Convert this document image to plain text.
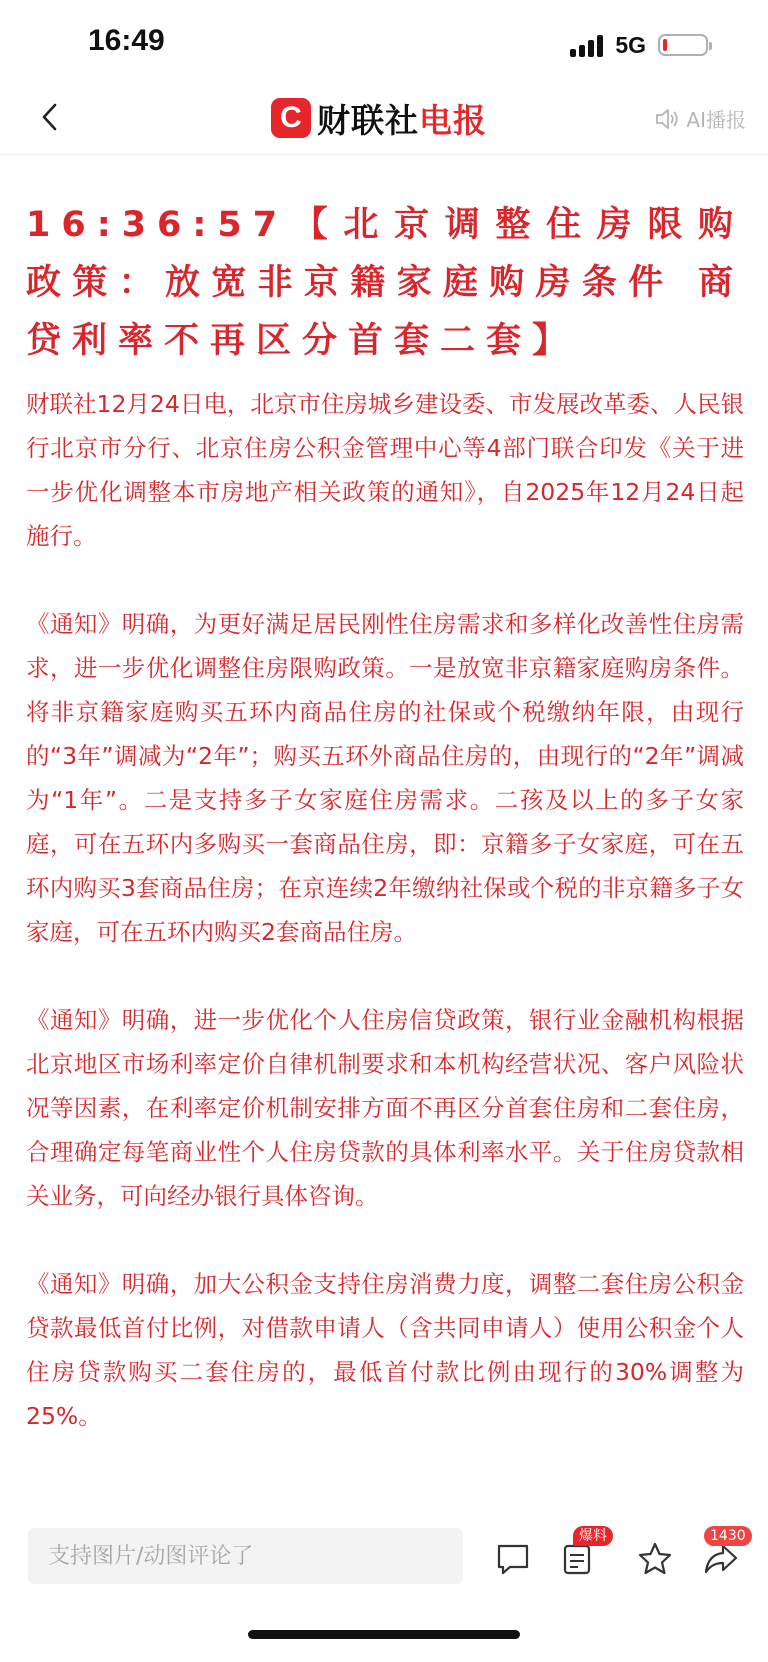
16:49	5G
C 财联社电报	AI播报
16:36:57【北京调整住房限购政策：放宽非京籍家庭购房条件 商贷利率不再区分首套二套】

财联社12月24日电，北京市住房城乡建设委、市发展改革委、人民银行北京市分行、北京住房公积金管理中心等4部门联合印发《关于进一步优化调整本市房地产相关政策的通知》，自2025年12月24日起施行。

《通知》明确，为更好满足居民刚性住房需求和多样化改善性住房需求，进一步优化调整住房限购政策。一是放宽非京籍家庭购房条件。将非京籍家庭购买五环内商品住房的社保或个税缴纳年限，由现行的“3年”调减为“2年”；购买五环外商品住房的，由现行的“2年”调减为“1年”。二是支持多子女家庭住房需求。二孩及以上的多子女家庭，可在五环内多购买一套商品住房，即：京籍多子女家庭，可在五环内购买3套商品住房；在京连续2年缴纳社保或个税的非京籍多子女家庭，可在五环内购买2套商品住房。

《通知》明确，进一步优化个人住房信贷政策，银行业金融机构根据北京地区市场利率定价自律机制要求和本机构经营状况、客户风险状况等因素，在利率定价机制安排方面不再区分首套住房和二套住房，合理确定每笔商业性个人住房贷款的具体利率水平。关于住房贷款相关业务，可向经办银行具体咨询。

《通知》明确，加大公积金支持住房消费力度，调整二套住房公积金贷款最低首付比例，对借款申请人（含共同申请人）使用公积金个人住房贷款购买二套住房的，最低首付款比例由现行的30%调整为25%。

支持图片/动图评论了
爆料	1430
